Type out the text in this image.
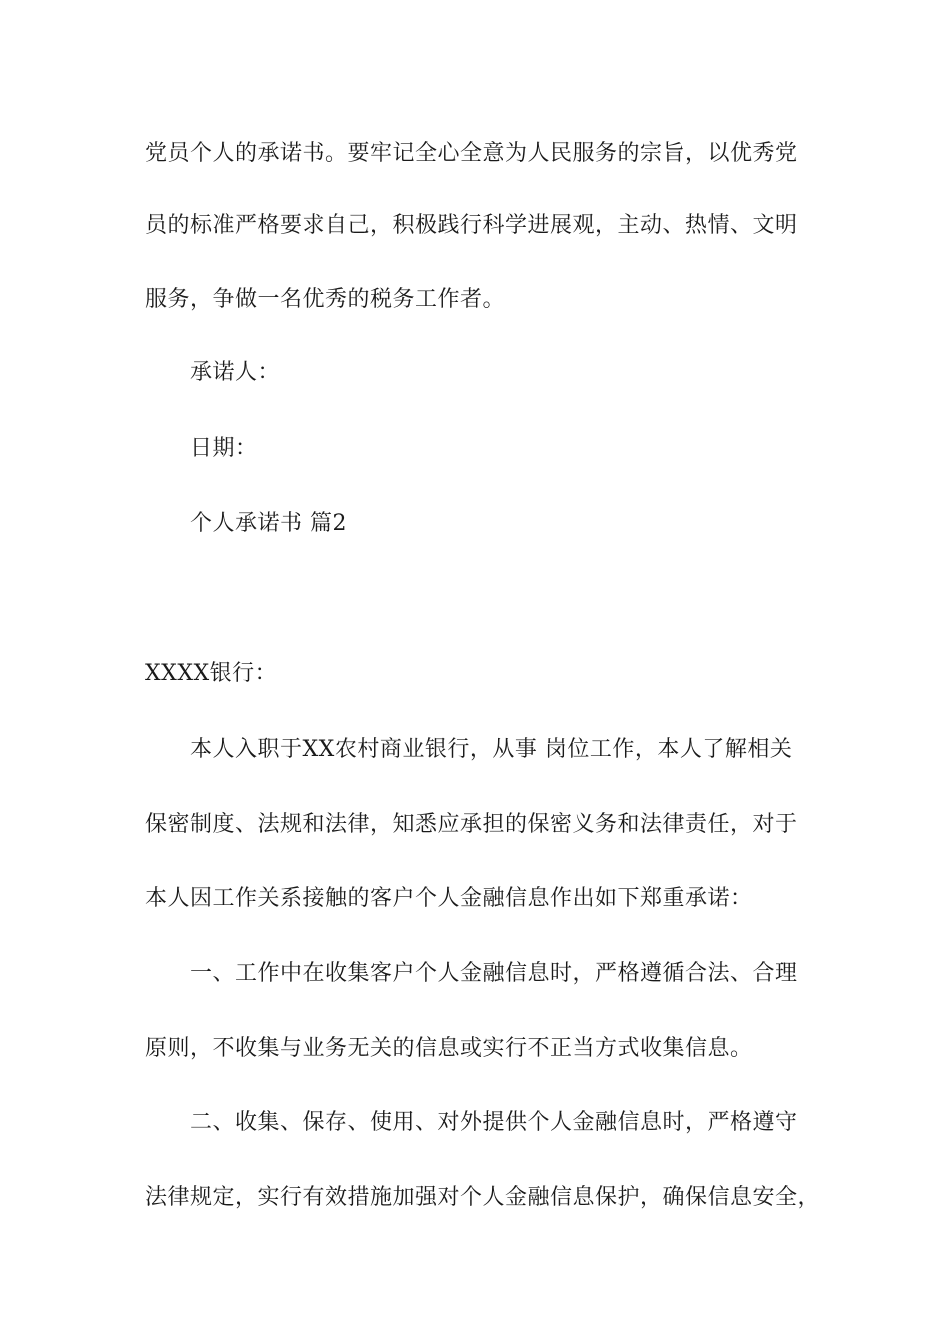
党员个人的承诺书。要牢记全心全意为人民服务的宗旨，以优秀党
员的标准严格要求自己，积极践行科学进展观，主动、热情、文明
服务，争做一名优秀的税务工作者。
承诺人：
日期：
个人承诺书 篇2
XXXX银行：
本人入职于XX农村商业银行，从事 岗位工作，本人了解相关
保密制度、法规和法律，知悉应承担的保密义务和法律责任，对于
本人因工作关系接触的客户个人金融信息作出如下郑重承诺：
一、工作中在收集客户个人金融信息时，严格遵循合法、合理
原则，不收集与业务无关的信息或实行不正当方式收集信息。
二、收集、保存、使用、对外提供个人金融信息时，严格遵守
法律规定，实行有效措施加强对个人金融信息保护，确保信息安全，
